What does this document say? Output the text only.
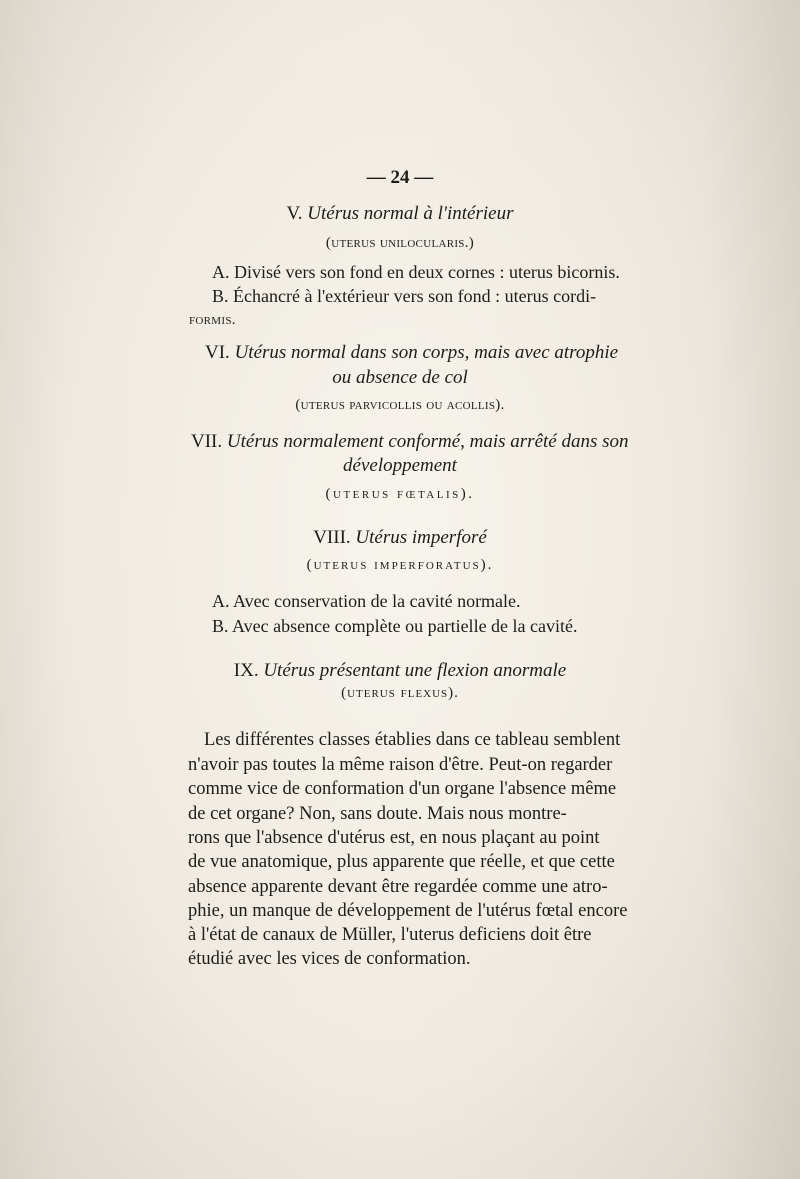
— 24 —
V. Utérus normal à l'intérieur
(uterus unilocularis.)
A. Divisé vers son fond en deux cornes : uterus bicornis.
B. Échancré à l'extérieur vers son fond : uterus cordi-
formis.
VI. Utérus normal dans son corps, mais avec atrophie
ou absence de col
(uterus parvicollis ou acollis).
VII. Utérus normalement conformé, mais arrêté dans son
développement
(uterus fœtalis).
VIII. Utérus imperforé
(uterus imperforatus).
A. Avec conservation de la cavité normale.
B. Avec absence complète ou partielle de la cavité.
IX. Utérus présentant une flexion anormale
(uterus flexus).
Les différentes classes établies dans ce tableau semblent
n'avoir pas toutes la même raison d'être. Peut-on regarder
comme vice de conformation d'un organe l'absence même
de cet organe? Non, sans doute. Mais nous montre-
rons que l'absence d'utérus est, en nous plaçant au point
de vue anatomique, plus apparente que réelle, et que cette
absence apparente devant être regardée comme une atro-
phie, un manque de développement de l'utérus fœtal encore
à l'état de canaux de Müller, l'uterus deficiens doit être
étudié avec les vices de conformation.
